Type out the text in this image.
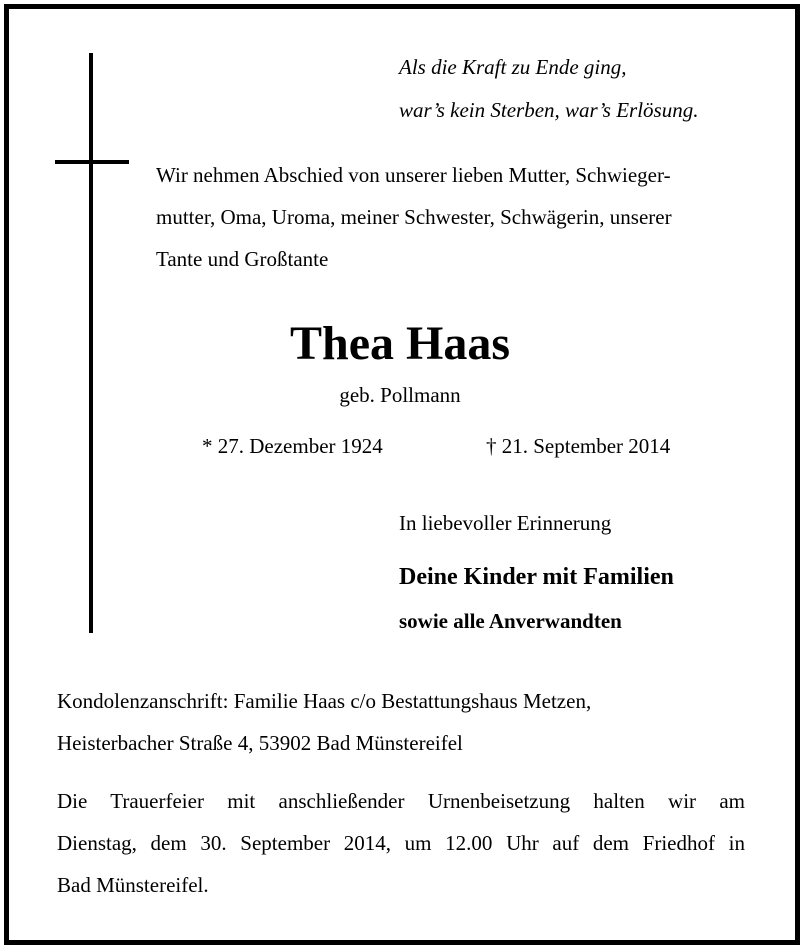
Als die Kraft zu Ende ging,
war’s kein Sterben, war’s Erlösung.
Wir nehmen Abschied von unserer lieben Mutter, Schwieger-
mutter, Oma, Uroma, meiner Schwester, Schwägerin, unserer
Tante und Großtante
Thea Haas
geb. Pollmann
* 27. Dezember 1924	† 21. September 2014
In liebevoller Erinnerung
Deine Kinder mit Familien
sowie alle Anverwandten
Kondolenzanschrift: Familie Haas c/o Bestattungshaus Metzen,
Heisterbacher Straße 4, 53902 Bad Münstereifel
Die Trauerfeier mit anschließender Urnenbeisetzung halten wir am
Dienstag, dem 30. September 2014, um 12.00 Uhr auf dem Friedhof in
Bad Münstereifel.
